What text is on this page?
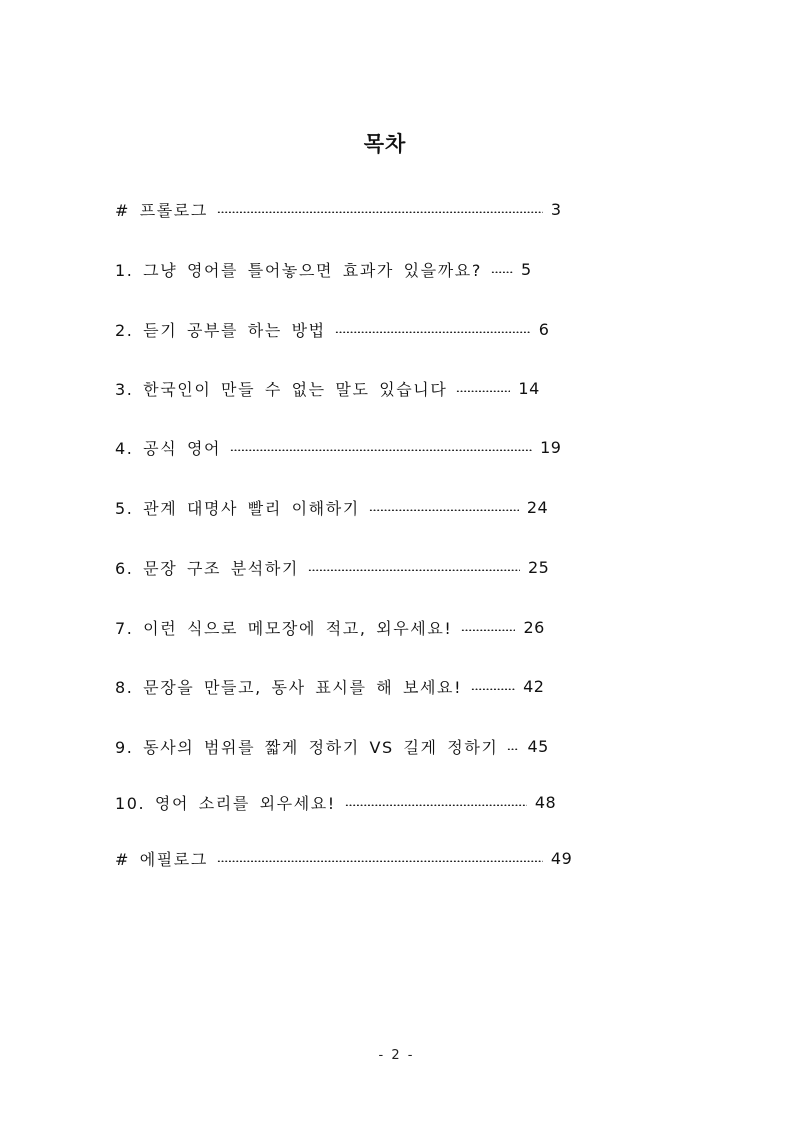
목차
# 프롤로그	3
1. 그냥 영어를 틀어놓으면 효과가 있을까요? 5
2. 듣기 공부를 하는 방법	6
3. 한국인이 만들 수 없는 말도 있습니다	14
4. 공식 영어	19
5. 관계 대명사 빨리 이해하기	24
6. 문장 구조 분석하기	25
7. 이런 식으로 메모장에 적고, 외우세요!	26
8. 문장을 만들고, 동사 표시를 해 보세요!	42
9. 동사의 범위를 짧게 정하기 VS 길게 정하기 45
10. 영어 소리를 외우세요!	48
# 에필로그	49
- 2 -
